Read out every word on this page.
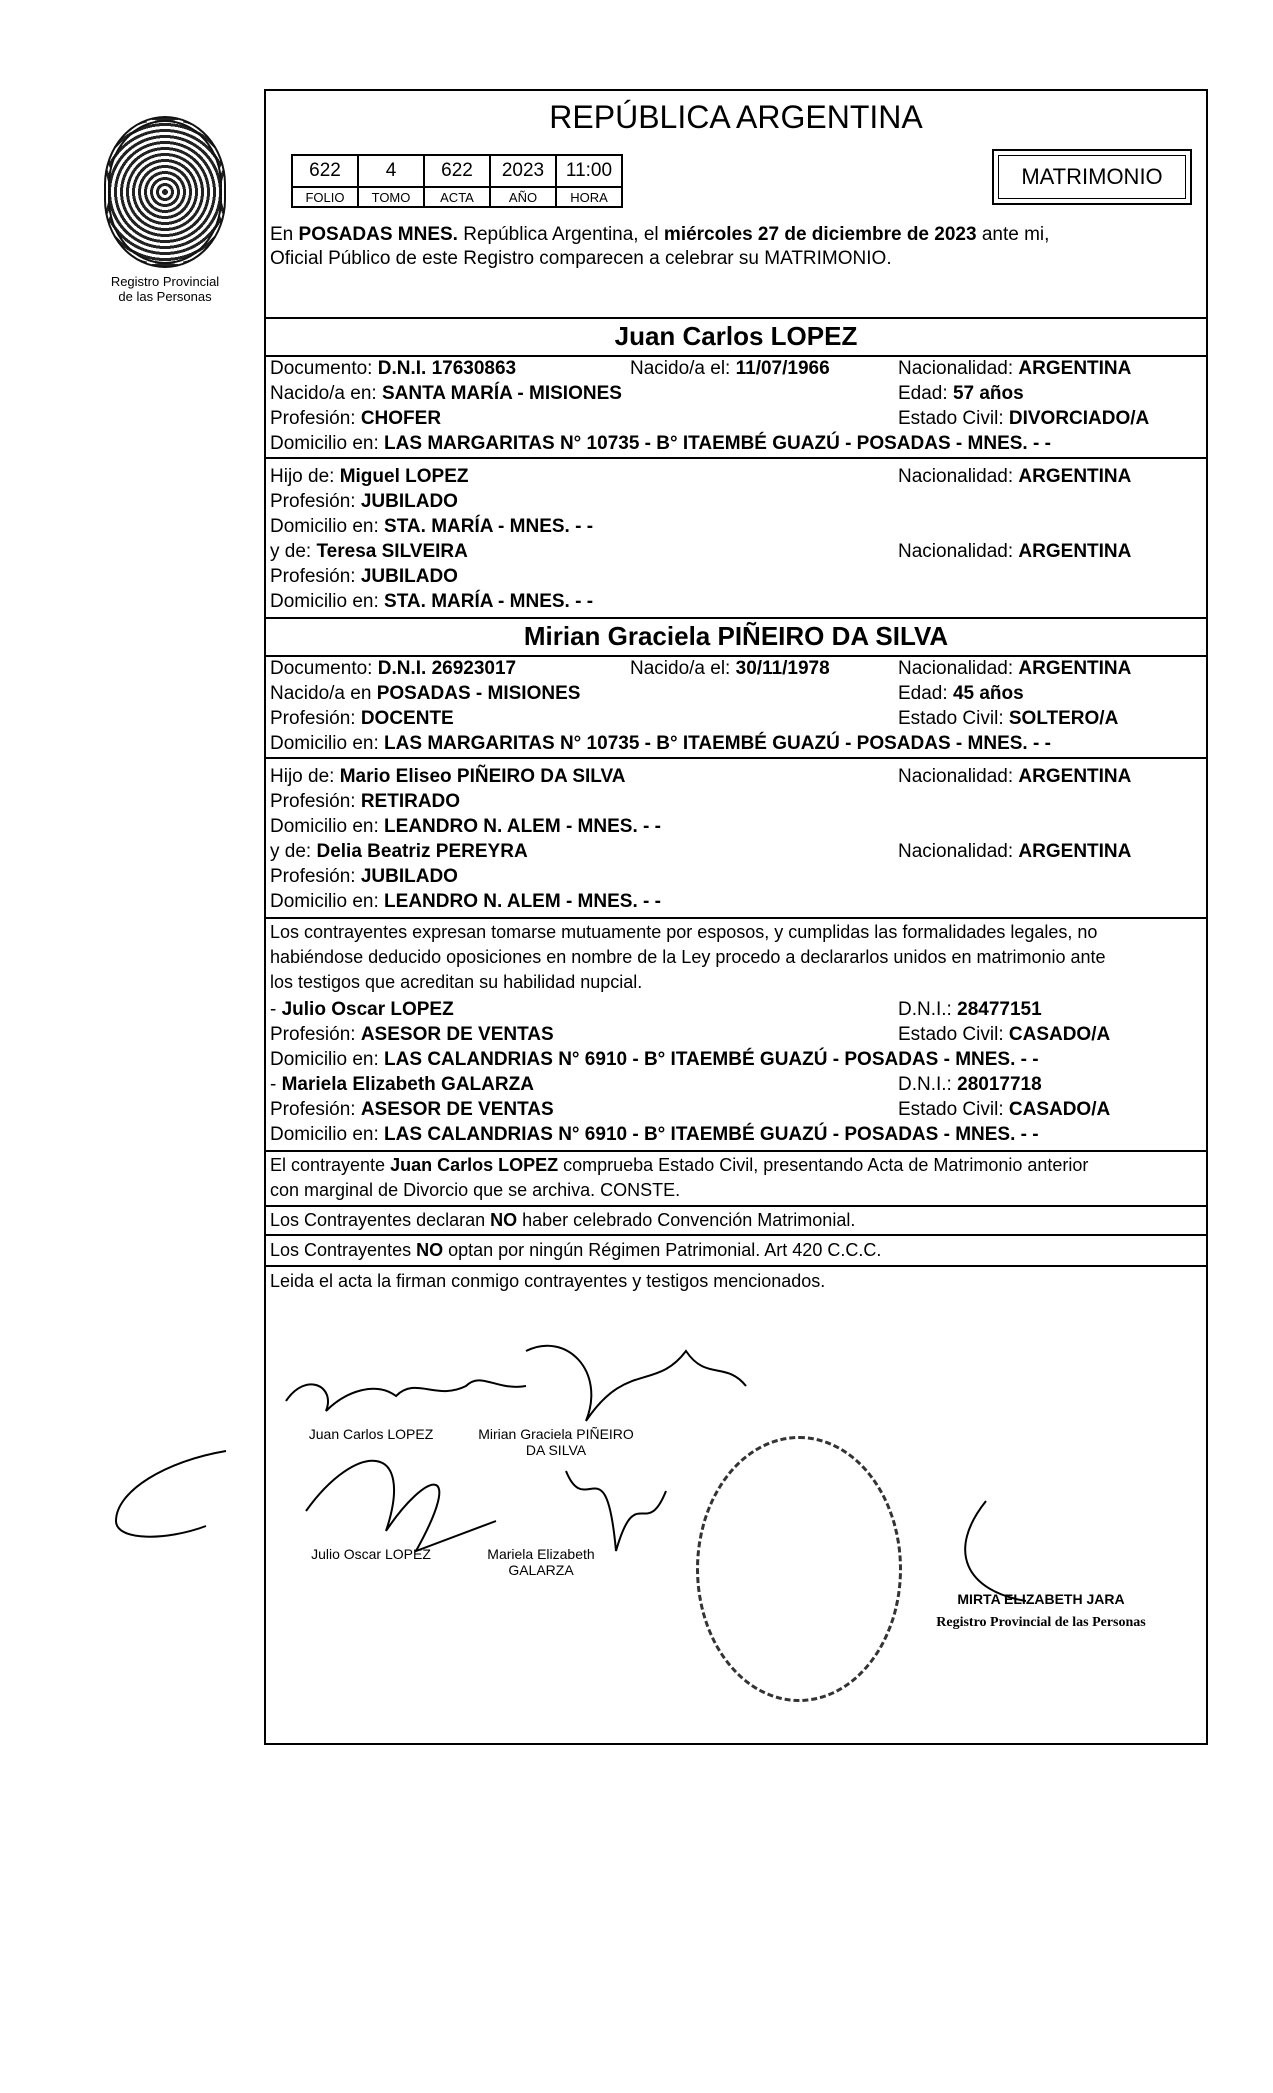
Registro Provincial
de las Personas
REPÚBLICA ARGENTINA
622	4	622	2023	11:00
FOLIO	TOMO	ACTA	AÑO	HORA
MATRIMONIO
En POSADAS MNES. República Argentina, el miércoles 27 de diciembre de 2023 ante mi,
Oficial Público de este Registro comparecen a celebrar su MATRIMONIO.
Juan Carlos LOPEZ
Documento: D.N.I. 17630863	Nacido/a el: 11/07/1966	Nacionalidad: ARGENTINA
Nacido/a en: SANTA MARÍA - MISIONES	Edad: 57 años
Profesión: CHOFER	Estado Civil: DIVORCIADO/A
Domicilio en: LAS MARGARITAS N° 10735 - B° ITAEMBÉ GUAZÚ - POSADAS - MNES. - -
Hijo de: Miguel LOPEZ	Nacionalidad: ARGENTINA
Profesión: JUBILADO
Domicilio en: STA. MARÍA - MNES. - -
y de: Teresa SILVEIRA	Nacionalidad: ARGENTINA
Profesión: JUBILADO
Domicilio en: STA. MARÍA - MNES. - -
Mirian Graciela PIÑEIRO DA SILVA
Documento: D.N.I. 26923017	Nacido/a el: 30/11/1978	Nacionalidad: ARGENTINA
Nacido/a en POSADAS - MISIONES	Edad: 45 años
Profesión: DOCENTE	Estado Civil: SOLTERO/A
Domicilio en: LAS MARGARITAS N° 10735 - B° ITAEMBÉ GUAZÚ - POSADAS - MNES. - -
Hijo de: Mario Eliseo PIÑEIRO DA SILVA	Nacionalidad: ARGENTINA
Profesión: RETIRADO
Domicilio en: LEANDRO N. ALEM - MNES. - -
y de: Delia Beatriz PEREYRA	Nacionalidad: ARGENTINA
Profesión: JUBILADO
Domicilio en: LEANDRO N. ALEM - MNES. - -
Los contrayentes expresan tomarse mutuamente por esposos, y cumplidas las formalidades legales, no
habiéndose deducido oposiciones en nombre de la Ley procedo a declararlos unidos en matrimonio ante
los testigos que acreditan su habilidad nupcial.
- Julio Oscar LOPEZ	D.N.I.: 28477151
Profesión: ASESOR DE VENTAS	Estado Civil: CASADO/A
Domicilio en: LAS CALANDRIAS N° 6910 - B° ITAEMBÉ GUAZÚ - POSADAS - MNES. - -
- Mariela Elizabeth GALARZA	D.N.I.: 28017718
Profesión: ASESOR DE VENTAS	Estado Civil: CASADO/A
Domicilio en: LAS CALANDRIAS N° 6910 - B° ITAEMBÉ GUAZÚ - POSADAS - MNES. - -
El contrayente Juan Carlos LOPEZ comprueba Estado Civil, presentando Acta de Matrimonio anterior
con marginal de Divorcio que se archiva. CONSTE.
Los Contrayentes declaran NO haber celebrado Convención Matrimonial.
Los Contrayentes NO optan por ningún Régimen Patrimonial. Art 420 C.C.C.
Leida el acta la firman conmigo contrayentes y testigos mencionados.
Juan Carlos LOPEZ	Mirian Graciela PIÑEIRO
DA SILVA
Julio Oscar LOPEZ	Mariela Elizabeth
GALARZA
MIRTA ELIZABETH JARA
Registro Provincial de las Personas
